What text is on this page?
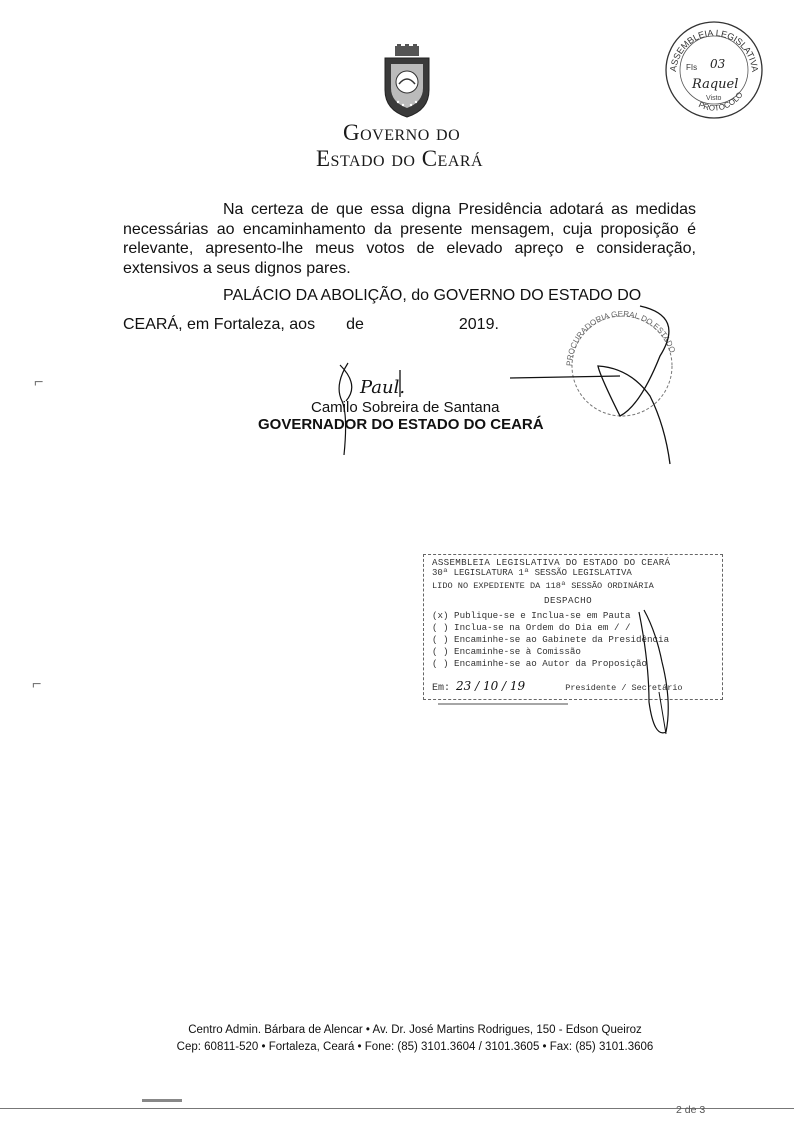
Governo do
Estado do Ceará
ASSEMBLEIA LEGISLATIVA
PROTOCOLO
FIs 03
Raquel
Visto
Na certeza de que essa digna Presidência adotará as medidas necessárias ao encaminhamento da presente mensagem, cuja proposição é relevante, apresento-lhe meus votos de elevado apreço e consideração, extensivos a seus dignos pares.
PALÁCIO DA ABOLIÇÃO, do GOVERNO DO ESTADO DO
CEARÁ, em Fortaleza, aos de	2019.
PROCURADORIA GERAL DO ESTADO
Paul.
Camilo Sobreira de Santana
GOVERNADOR DO ESTADO DO CEARÁ
ASSEMBLEIA LEGISLATIVA DO ESTADO DO CEARÁ
30ª LEGISLATURA 1ª SESSÃO LEGISLATIVA
LIDO NO EXPEDIENTE DA 118ª SESSÃO ORDINÁRIA
DESPACHO
(x) Publique-se e Inclua-se em Pauta
( ) Inclua-se na Ordem do Dia em / /
( ) Encaminhe-se ao Gabinete da Presidência
( ) Encaminhe-se à Comissão
( ) Encaminhe-se ao Autor da Proposição
Em: 23 / 10 / 19	Presidente / Secretário
⌐
⌐
Centro Admin. Bárbara de Alencar • Av. Dr. José Martins Rodrigues, 150 - Edson Queiroz
Cep: 60811-520 • Fortaleza, Ceará • Fone: (85) 3101.3604 / 3101.3605 • Fax: (85) 3101.3606
2 de 3
